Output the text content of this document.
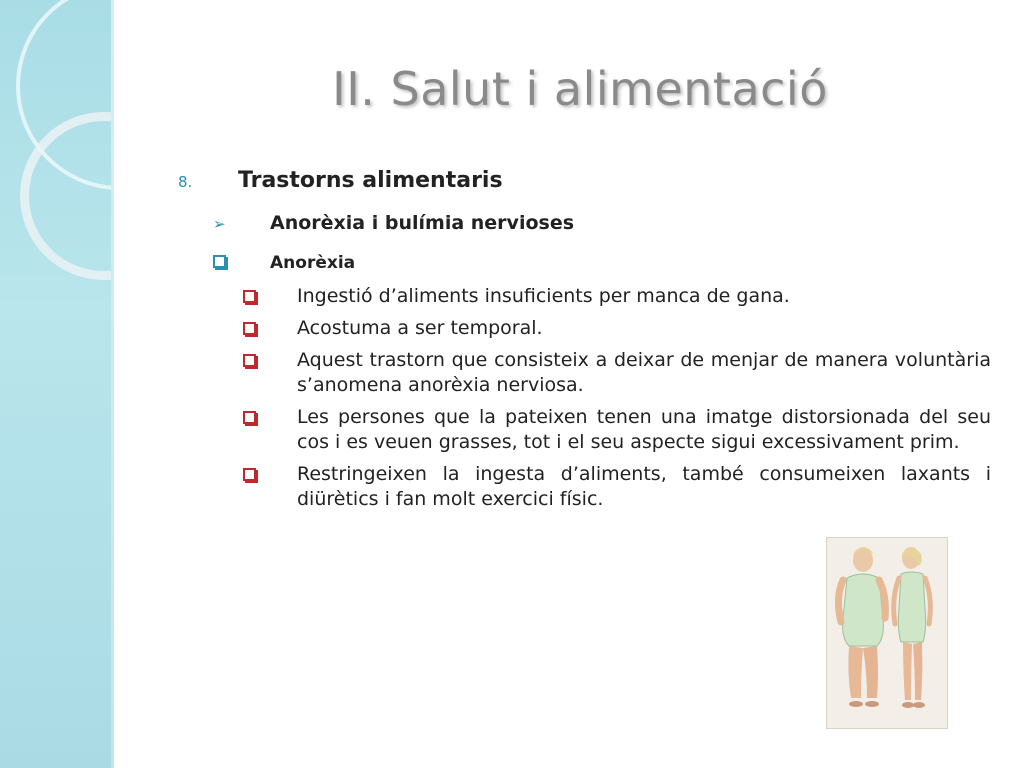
II. Salut i alimentació
8. Trastorns alimentaris
➢ Anorèxia i bulímia nervioses
Anorèxia
Ingestió d’aliments insuficients per manca de gana.
Acostuma a ser temporal.
Aquest trastorn que consisteix a deixar de menjar de manera voluntària s’anomena anorèxia nerviosa.
Les persones que la pateixen tenen una imatge distorsionada del seu cos i es veuen grasses, tot i el seu aspecte sigui excessivament prim.
Restringeixen la ingesta d’aliments, també consumeixen laxants i diürètics i fan molt exercici físic.
